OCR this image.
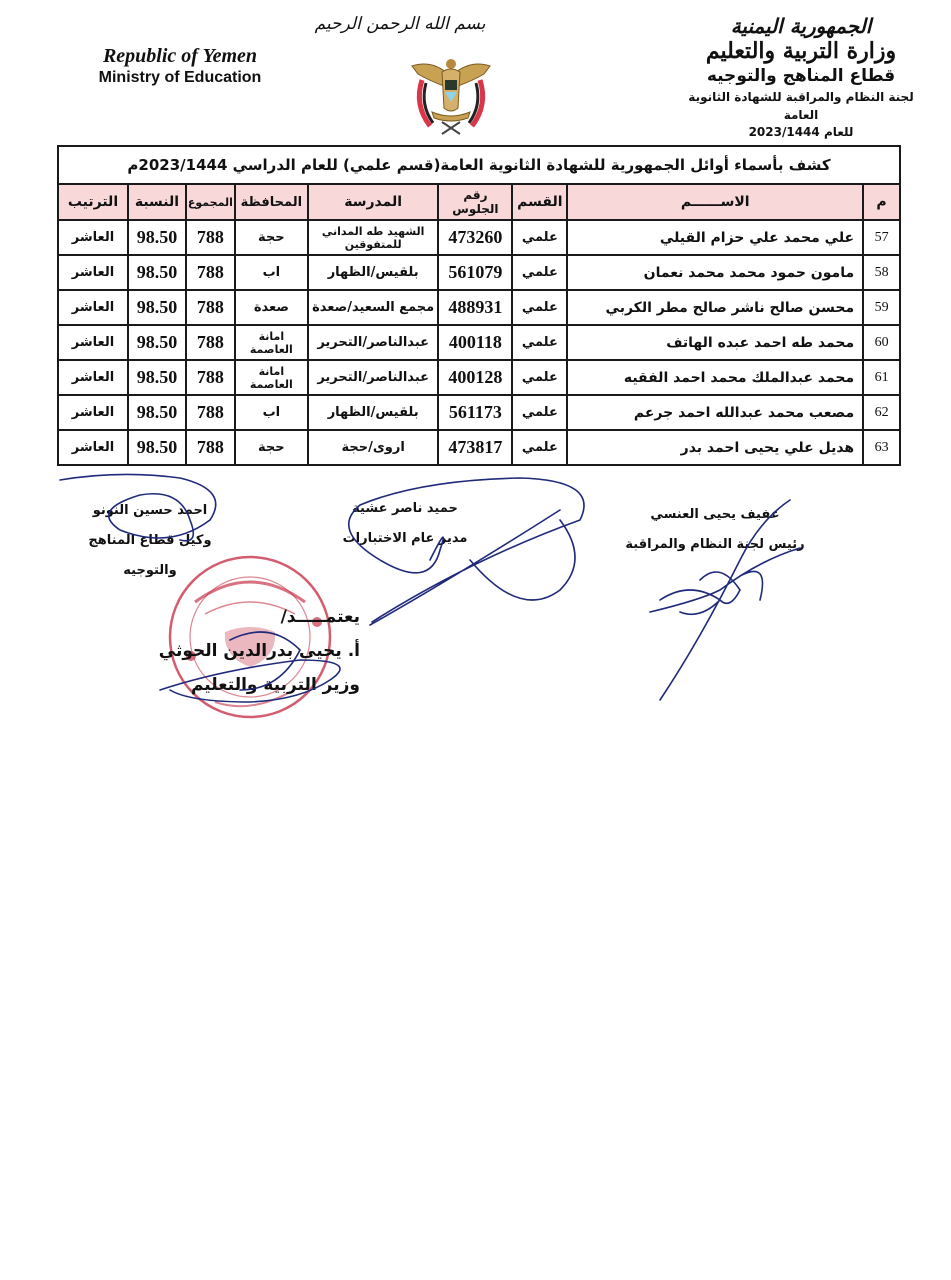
الجمهورية اليمنية
وزارة التربية والتعليم
قطاع المناهج والتوجيه
لجنة النظام والمراقبة للشهادة الثانوية العامة
للعام 2023/1444
بسم الله الرحمن الرحيم
Republic of Yemen
Ministry of Education
كشف بأسماء أوائل الجمهورية للشهادة الثانوية العامة(قسم علمي) للعام الدراسي 2023/1444م								
م	الاســــــم	القسم	رقم الجلوس	المدرسة	المحافظة	المجموع	النسبة	الترتيب
57	علي محمد علي حزام القيلي	علمي	473260	الشهيد طه المداني للمتفوقين	حجة	788	98.50	العاشر
58	مامون حمود محمد محمد نعمان	علمي	561079	بلقيس/الظهار	اب	788	98.50	العاشر
59	محسن صالح ناشر صالح مطر الكربي	علمي	488931	مجمع السعيد/صعدة	صعدة	788	98.50	العاشر
60	محمد طه احمد عبده الهاتف	علمي	400118	عبدالناصر/التحرير	امانة العاصمة	788	98.50	العاشر
61	محمد عبدالملك محمد احمد الفقيه	علمي	400128	عبدالناصر/التحرير	امانة العاصمة	788	98.50	العاشر
62	مصعب محمد عبدالله احمد جرعم	علمي	561173	بلقيس/الظهار	اب	788	98.50	العاشر
63	هديل علي يحيى احمد بدر	علمي	473817	اروى/حجة	حجة	788	98.50	العاشر
عفيف يحيى العنسي
رئيس لجنة النظام والمراقبة
حميد ناصر عشية
مدير عام الاختبارات
احمد حسين النونو
وكيل قطاع المناهج والتوجيه
يعتمـــــد/
أ. يحيى بدرالدين الحوثي
وزير التربية والتعليم
